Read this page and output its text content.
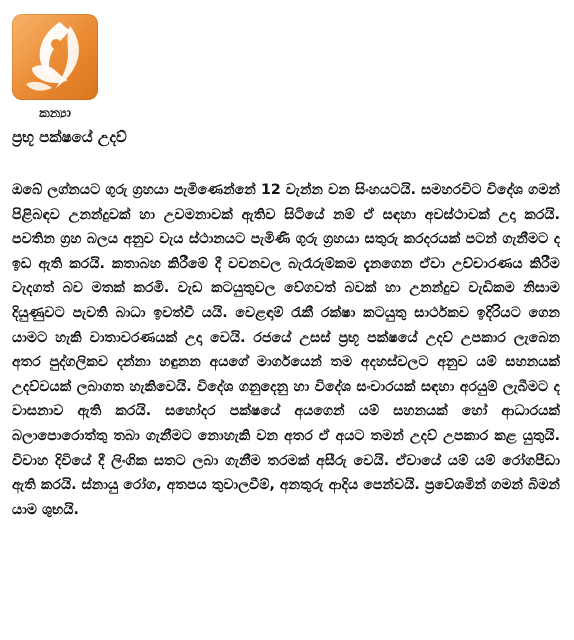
කන්‍යා
ප්‍රභූ පක්ෂයේ උදව්
ඔබේ ලග්නයට ගුරු ග්‍රහයා පැමිණෙන්නේ 12 වැන්න වන සිංහයටයි. සමහරවිට විදේශ ගමන් පිළිබඳව උනන්දුවක් හා උවමනාවක් ඇතිව සිටියේ නම් ඒ සඳහා අවස්ථාවක් උදා කරයි. පවතින ග්‍රහ බලය අනුව වැය ස්ථානයට පැමිණි ගුරු ග්‍රහයා සතුරු කරදරයක් පටන් ගැනීමට ද ඉඩ ඇති කරයි. කතාබහ කිරීමේ දී වචනවල බැරෑරුම්කම දැනගෙන ඒවා උච්චාරණය කිරීම වැදගත් බව මතක් කරමි. වැඩ කටයුතුවල වේගවත් බවක් හා උනන්දුව වැඩිකම නිසාම දියුණුවට පැවති බාධා ඉවත්වී යයි. වෙළඳාම් රැකී රක්ෂා කටයුතු සාර්ථකව ඉදිරියට ගෙන යාමට හැකි වාතාවරණයක් උදා වෙයි. රජයේ උසස් ප්‍රභූ පක්ෂයේ උදව් උපකාර ලැබෙන අතර පුද්ගලිකව දන්නා හඳුනන අයගේ මාර්ගයෙන් තම අදහස්වලට අනුව යම් සහනයක් උදව්වයක් ලබාගත හැකිවෙයි. විදේශ ගනුදෙනු හා විදේශ සංචාරයක් සඳහා අරයුම් ලැබීමට ද වාසනාව ඇති කරයි. සහෝදර පක්ෂයේ අයගෙන් යම් සහනයක් හෝ ආධාරයක් බලාපොරොත්තු තබා ගැනීමට නොහැකි වන අතර ඒ අයට තමන් උදව් උපකාර කළ යුතුයි. විවාහ දිවියේ දී ලිංගික සතට ලබා ගැනීම තරමක් අසීරු වෙයි. ඒවායේ යම් යම් රෝගපීඩා ඇති කරයි. ස්නායු රෝග, අතපය තුවාලවීම්, අනතුරු ආදිය පෙන්වයි. ප්‍රවේශමින් ගමන් බිමන් යාම ශුභයි.
